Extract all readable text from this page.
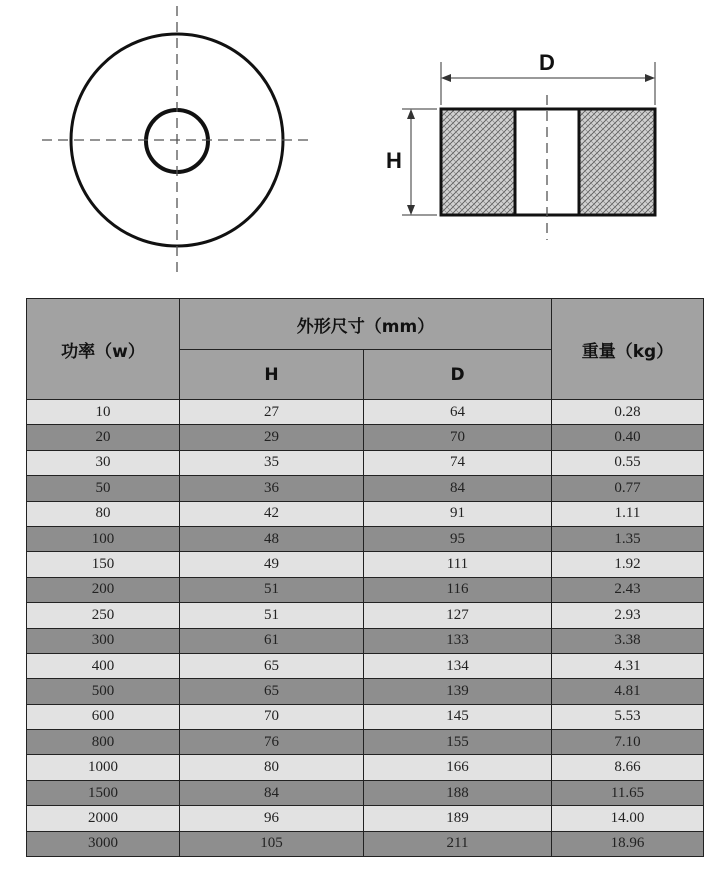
D
H
功率（w）	外形尺寸（mm）		重量（kg）
	H	D	
10	27	64	0.28
20	29	70	0.40
30	35	74	0.55
50	36	84	0.77
80	42	91	1.11
100	48	95	1.35
150	49	111	1.92
200	51	116	2.43
250	51	127	2.93
300	61	133	3.38
400	65	134	4.31
500	65	139	4.81
600	70	145	5.53
800	76	155	7.10
1000	80	166	8.66
1500	84	188	11.65
2000	96	189	14.00
3000	105	211	18.96
